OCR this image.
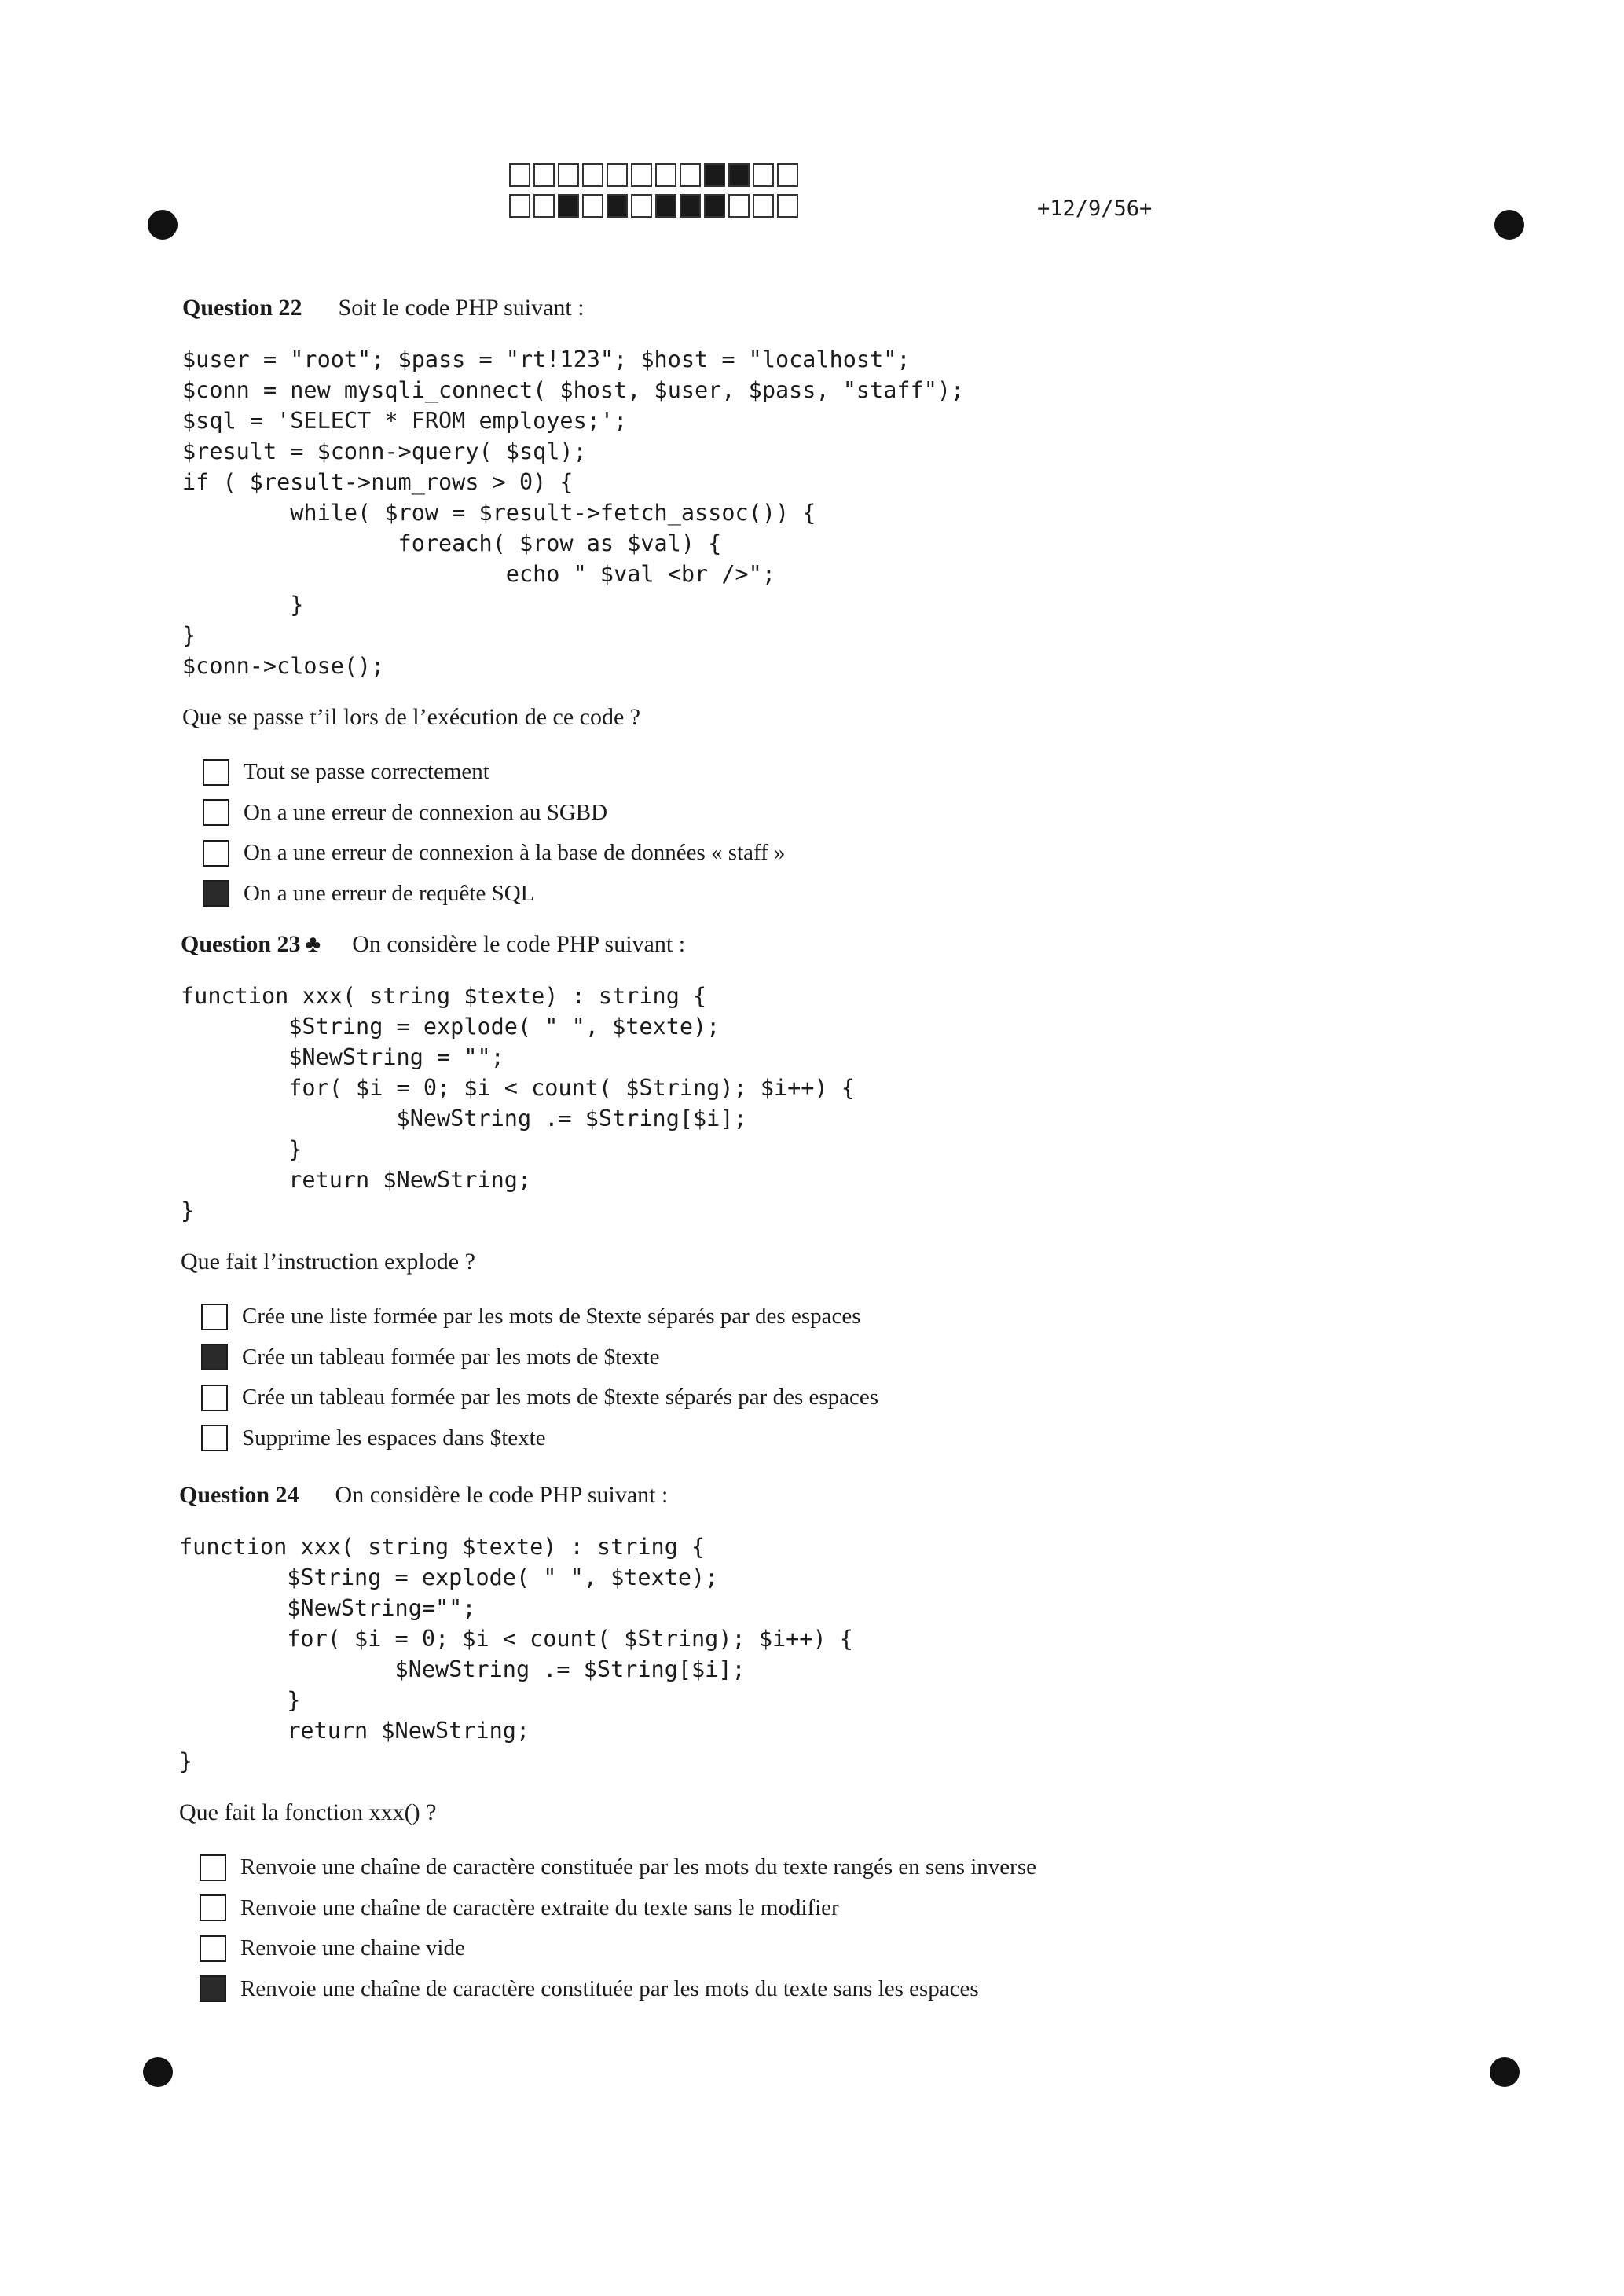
+12/9/56+
Question 22 Soit le code PHP suivant :
$user = "root"; $pass = "rt!123"; $host = "localhost";
$conn = new mysqli_connect( $host, $user, $pass, "staff");
$sql = 'SELECT * FROM employes;';
$result = $conn->query( $sql);
if ( $result->num_rows > 0) {
while( $row = $result->fetch_assoc()) {
foreach( $row as $val) {
echo " $val <br />";
}
}
$conn->close();
Que se passe t’il lors de l’exécution de ce code ?
Tout se passe correctement
On a une erreur de connexion au SGBD
On a une erreur de connexion à la base de données « staff »
On a une erreur de requête SQL
Question 23 ♣ On considère le code PHP suivant :
function xxx( string $texte) : string {
$String = explode( " ", $texte);
$NewString = "";
for( $i = 0; $i < count( $String); $i++) {
$NewString .= $String[$i];
}
return $NewString;
}
Que fait l’instruction explode ?
Crée une liste formée par les mots de $texte séparés par des espaces
Crée un tableau formée par les mots de $texte
Crée un tableau formée par les mots de $texte séparés par des espaces
Supprime les espaces dans $texte
Question 24 On considère le code PHP suivant :
function xxx( string $texte) : string {
$String = explode( " ", $texte);
$NewString="";
for( $i = 0; $i < count( $String); $i++) {
$NewString .= $String[$i];
}
return $NewString;
}
Que fait la fonction xxx() ?
Renvoie une chaîne de caractère constituée par les mots du texte rangés en sens inverse
Renvoie une chaîne de caractère extraite du texte sans le modifier
Renvoie une chaine vide
Renvoie une chaîne de caractère constituée par les mots du texte sans les espaces
